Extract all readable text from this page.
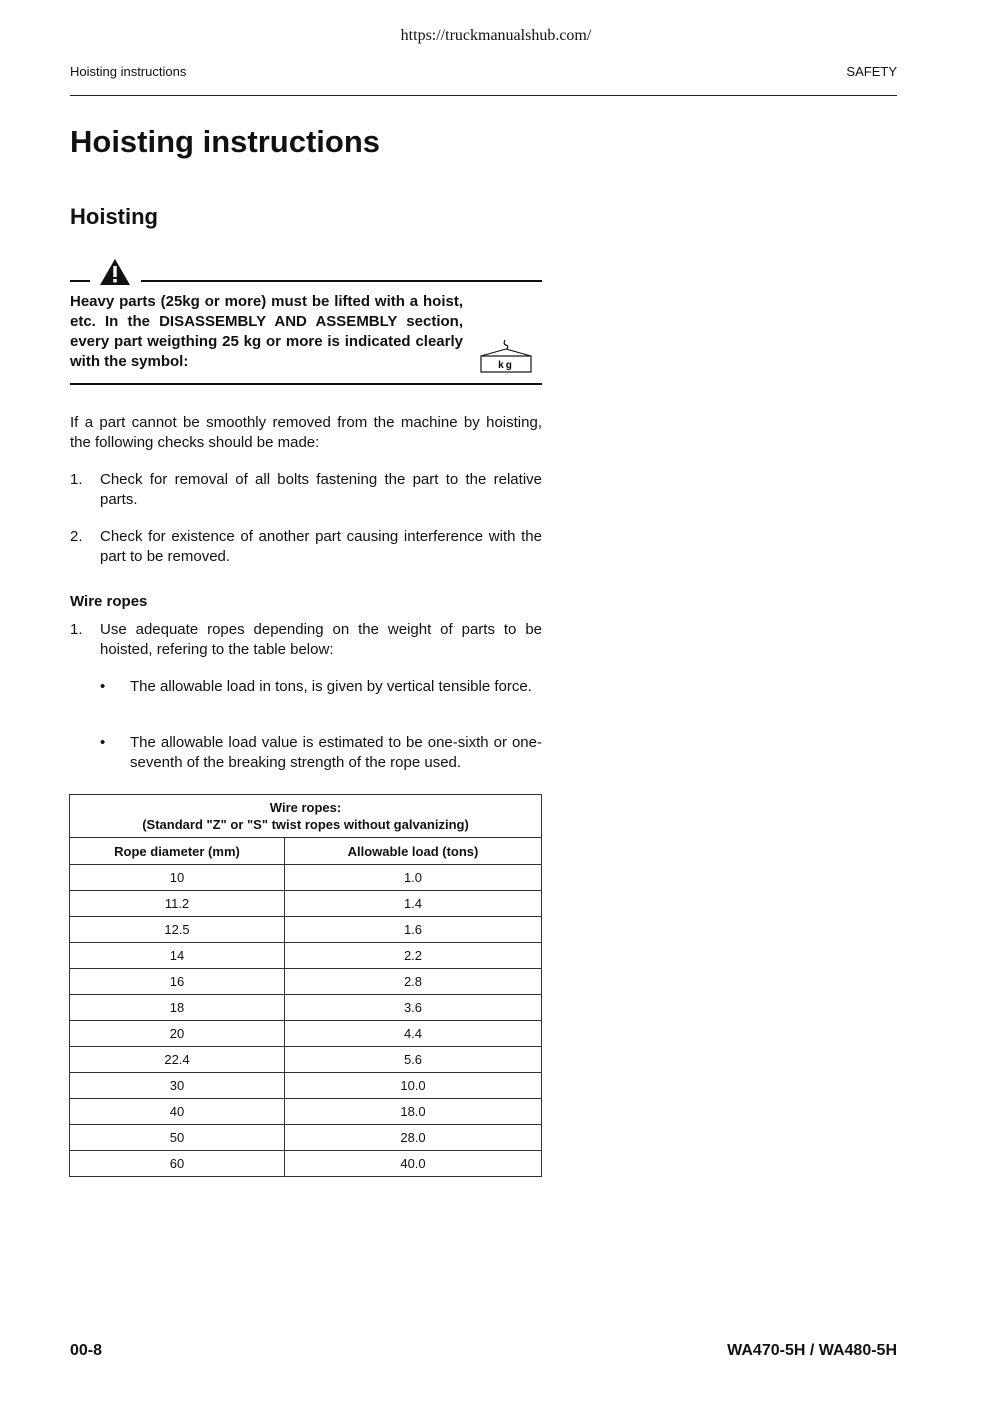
https://truckmanualshub.com/
Hoisting instructions	SAFETY
Hoisting instructions
Hoisting
Heavy parts (25kg or more) must be lifted with a hoist, etc. In the DISASSEMBLY AND ASSEMBLY section, every part weigthing 25 kg or more is indicated clearly with the symbol:	kg

If a part cannot be smoothly removed from the machine by hoisting, the following checks should be made:

1. Check for removal of all bolts fastening the part to the relative parts.
2. Check for existence of another part causing interference with the part to be removed.
Wire ropes
1. Use adequate ropes depending on the weight of parts to be hoisted, refering to the table below:
• The allowable load in tons, is given by vertical tensible force.
• The allowable load value is estimated to be one-sixth or one-seventh of the breaking strength of the rope used.
Wire ropes:
(Standard "Z" or "S" twist ropes without galvanizing)	
Rope diameter (mm)	Allowable load (tons)
10	1.0
11.2	1.4
12.5	1.6
14	2.2
16	2.8
18	3.6
20	4.4
22.4	5.6
30	10.0
40	18.0
50	28.0
60	40.0
00-8	WA470-5H / WA480-5H
